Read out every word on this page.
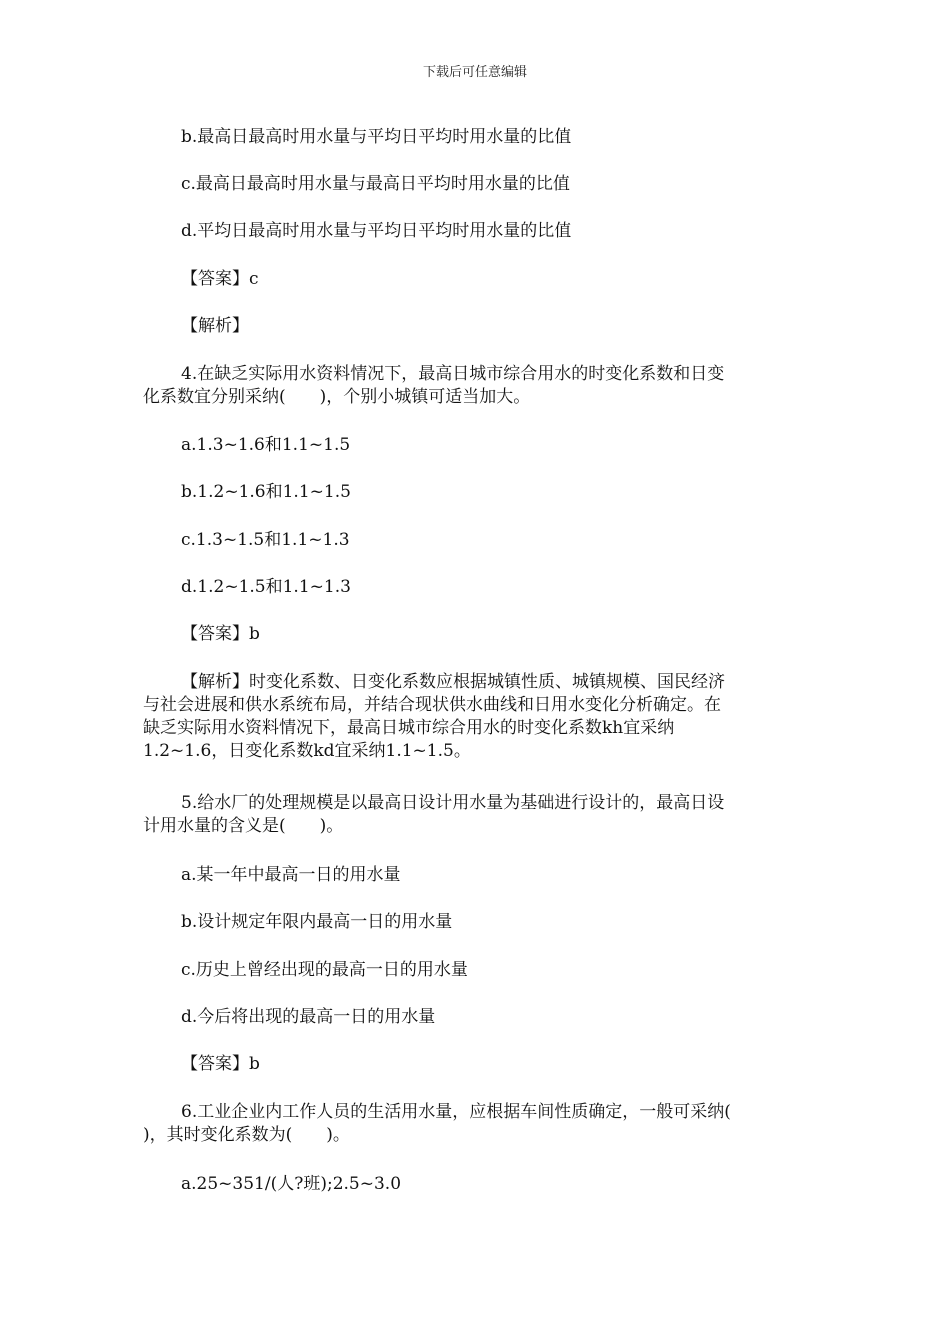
下载后可任意编辑

b.最高日最高时用水量与平均日平均时用水量的比值

c.最高日最高时用水量与最高日平均时用水量的比值

d.平均日最高时用水量与平均日平均时用水量的比值

【答案】c

【解析】

4.在缺乏实际用水资料情况下，最高日城市综合用水的时变化系数和日变
化系数宜分别采纳(　　)，个别小城镇可适当加大。

a.1.3~1.6和1.1~1.5

b.1.2~1.6和1.1~1.5

c.1.3~1.5和1.1~1.3

d.1.2~1.5和1.1~1.3

【答案】b

【解析】时变化系数、日变化系数应根据城镇性质、城镇规模、国民经济
与社会进展和供水系统布局，并结合现状供水曲线和日用水变化分析确定。在
缺乏实际用水资料情况下，最高日城市综合用水的时变化系数kh宜采纳
1.2~1.6，日变化系数kd宜采纳1.1~1.5。
5.给水厂的处理规模是以最高日设计用水量为基础进行设计的，最高日设
计用水量的含义是(　　)。

a.某一年中最高一日的用水量

b.设计规定年限内最高一日的用水量

c.历史上曾经出现的最高一日的用水量

d.今后将出现的最高一日的用水量

【答案】b

6.工业企业内工作人员的生活用水量，应根据车间性质确定，一般可采纳(
)，其时变化系数为(　　)。

a.25~351/(人?班);2.5~3.0
